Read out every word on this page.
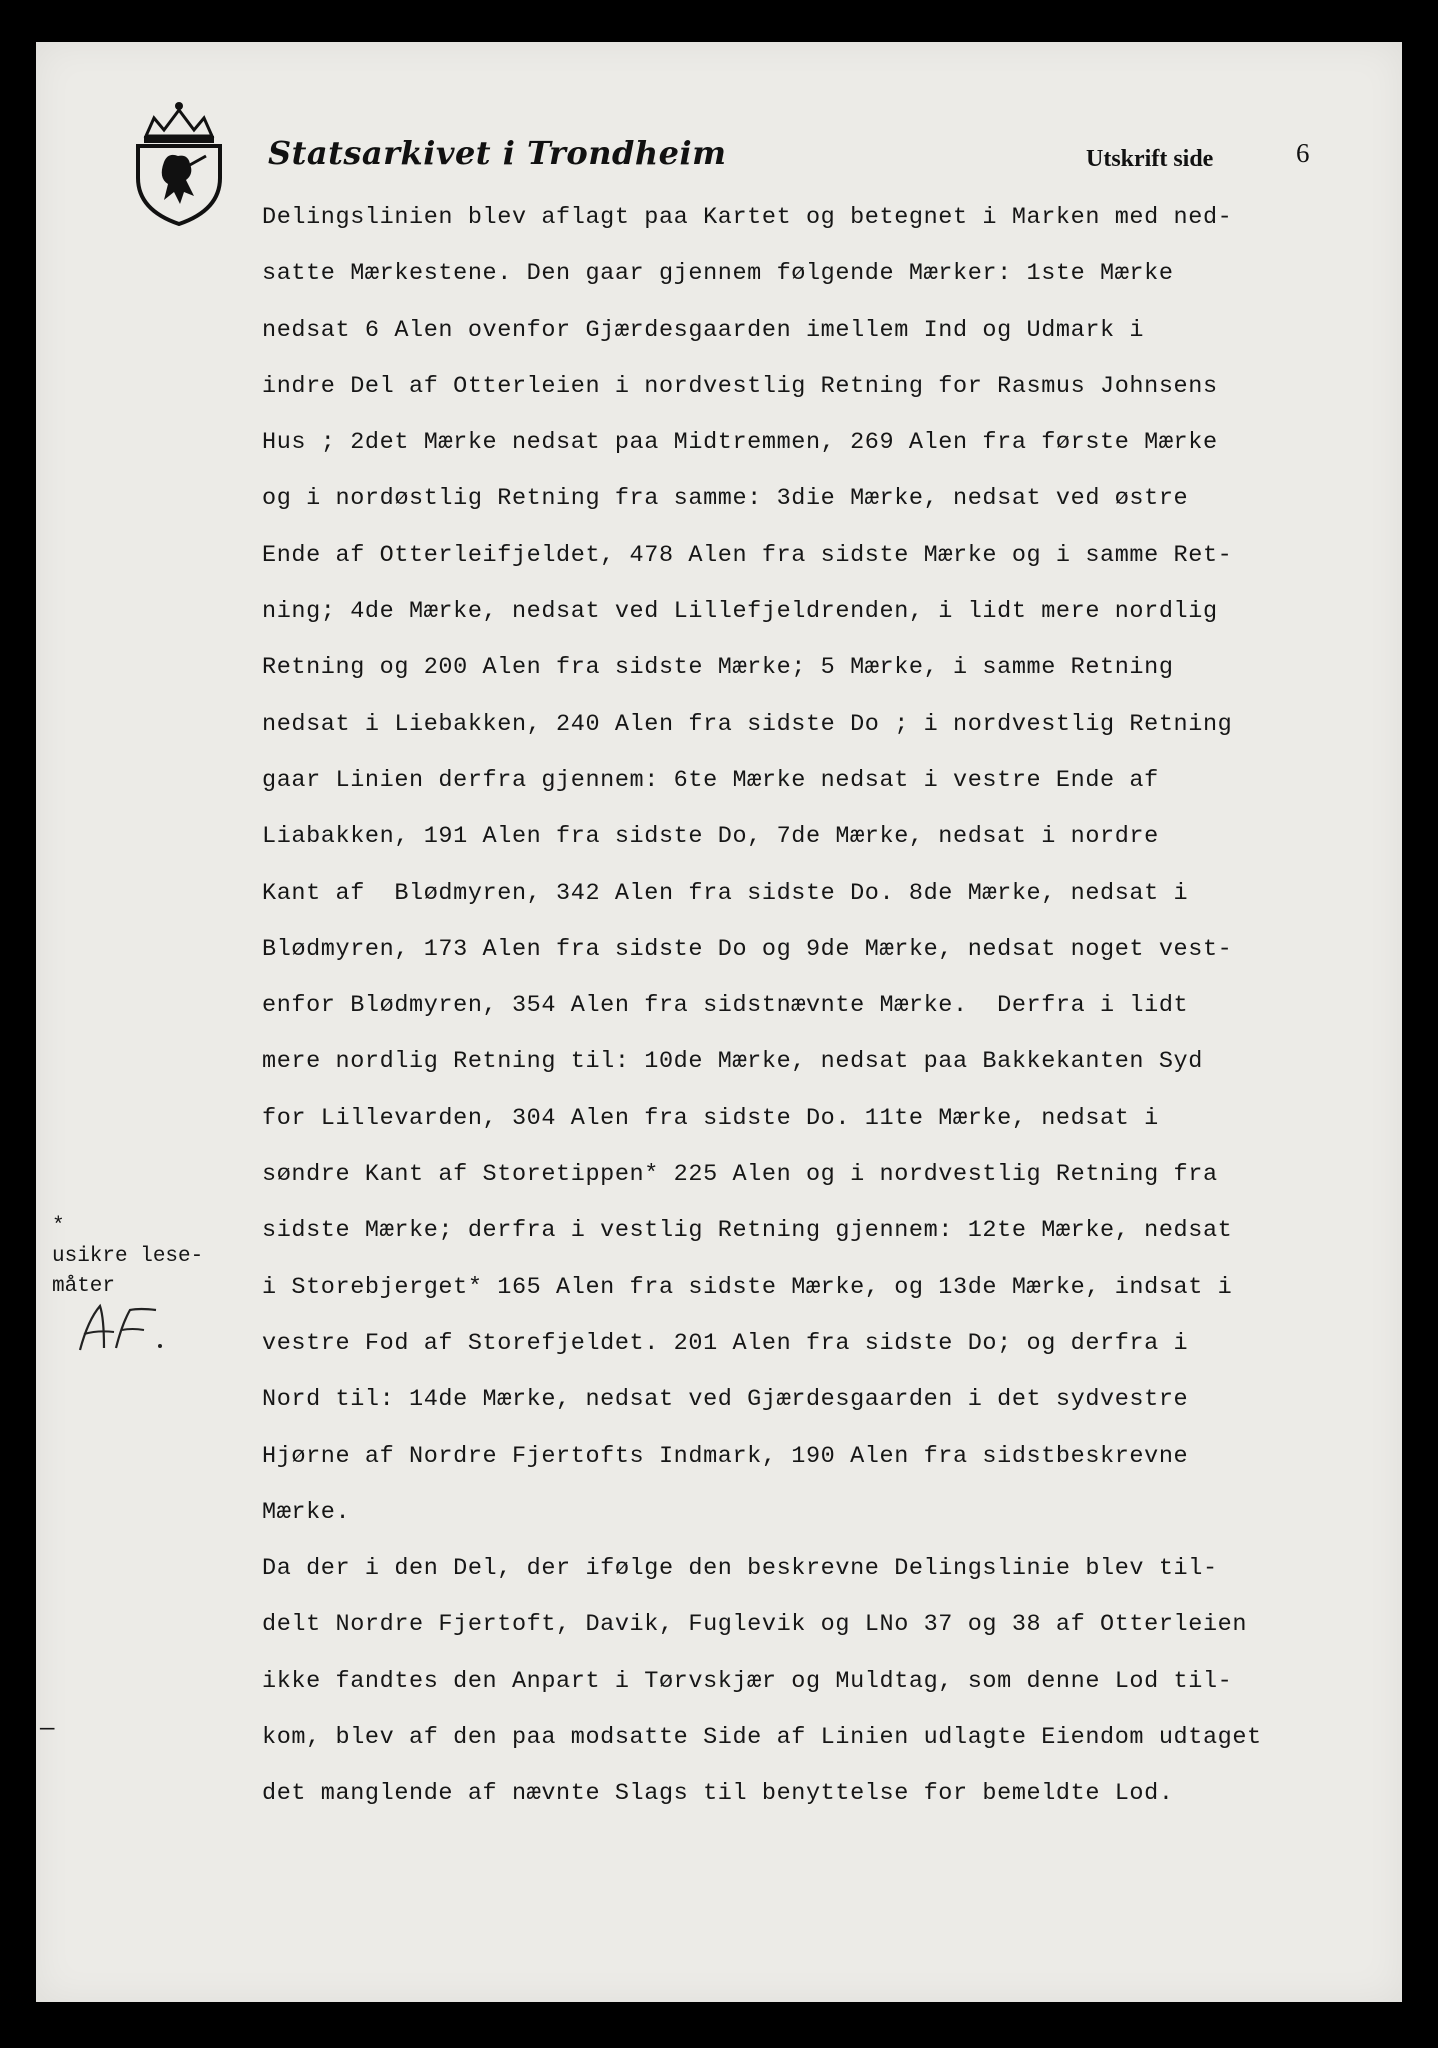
Statsarkivet i Trondheim	Utskrift side	6
Delingslinien blev aflagt paa Kartet og betegnet i Marken med ned-
satte Mærkestene. Den gaar gjennem følgende Mærker: 1ste Mærke
nedsat 6 Alen ovenfor Gjærdesgaarden imellem Ind og Udmark i
indre Del af Otterleien i nordvestlig Retning for Rasmus Johnsens
Hus ; 2det Mærke nedsat paa Midtremmen, 269 Alen fra første Mærke
og i nordøstlig Retning fra samme: 3die Mærke, nedsat ved østre
Ende af Otterleifjeldet, 478 Alen fra sidste Mærke og i samme Ret-
ning; 4de Mærke, nedsat ved Lillefjeldrenden, i lidt mere nordlig
Retning og 200 Alen fra sidste Mærke; 5 Mærke, i samme Retning
nedsat i Liebakken, 240 Alen fra sidste Do ; i nordvestlig Retning
gaar Linien derfra gjennem: 6te Mærke nedsat i vestre Ende af
Liabakken, 191 Alen fra sidste Do, 7de Mærke, nedsat i nordre
Kant af  Blødmyren, 342 Alen fra sidste Do. 8de Mærke, nedsat i
Blødmyren, 173 Alen fra sidste Do og 9de Mærke, nedsat noget vest-
enfor Blødmyren, 354 Alen fra sidstnævnte Mærke.  Derfra i lidt
mere nordlig Retning til: 10de Mærke, nedsat paa Bakkekanten Syd
for Lillevarden, 304 Alen fra sidste Do. 11te Mærke, nedsat i
søndre Kant af Storetippen* 225 Alen og i nordvestlig Retning fra
sidste Mærke; derfra i vestlig Retning gjennem: 12te Mærke, nedsat
i Storebjerget* 165 Alen fra sidste Mærke, og 13de Mærke, indsat i
vestre Fod af Storefjeldet. 201 Alen fra sidste Do; og derfra i
Nord til: 14de Mærke, nedsat ved Gjærdesgaarden i det sydvestre
Hjørne af Nordre Fjertofts Indmark, 190 Alen fra sidstbeskrevne
Mærke.
Da der i den Del, der ifølge den beskrevne Delingslinie blev til-
delt Nordre Fjertoft, Davik, Fuglevik og LNo 37 og 38 af Otterleien
ikke fandtes den Anpart i Tørvskjær og Muldtag, som denne Lod til-
kom, blev af den paa modsatte Side af Linien udlagte Eiendom udtaget
det manglende af nævnte Slags til benyttelse for bemeldte Lod.
*
usikre lese-
måter
—
